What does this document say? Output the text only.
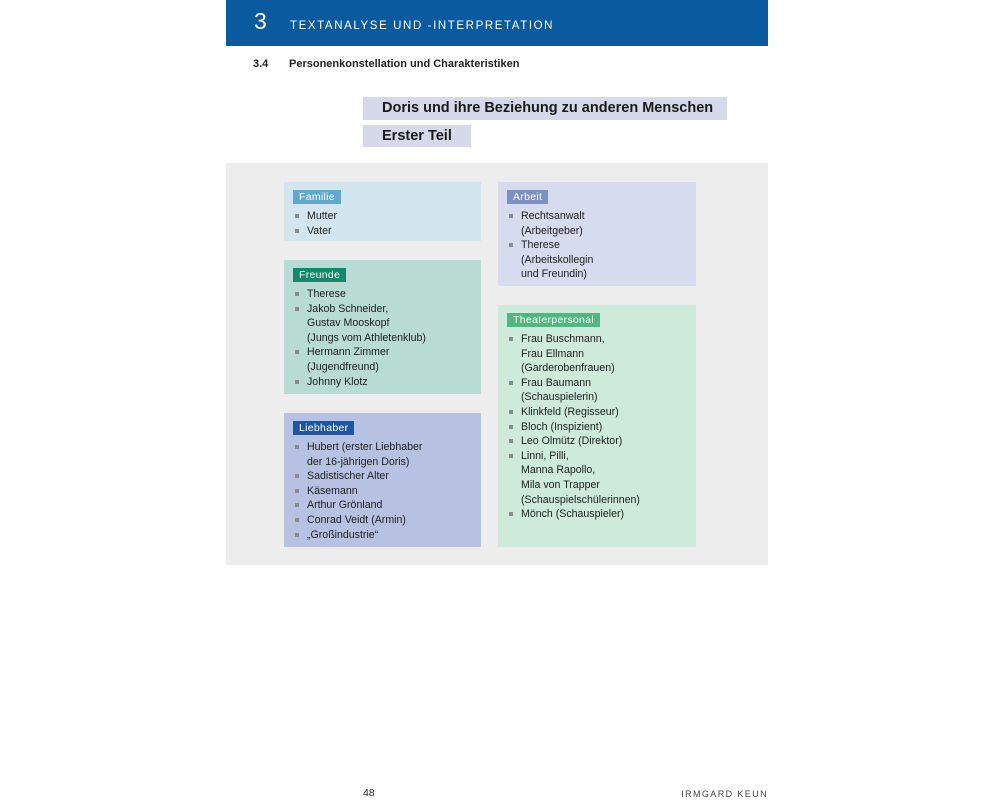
3 TEXTANALYSE UND -INTERPRETATION
3.4 Personenkonstellation und Charakteristiken
Doris und ihre Beziehung zu anderen Menschen
Erster Teil
Familie
Mutter
Vater
Freunde
Therese
Jakob Schneider,
Gustav Mooskopf
(Jungs vom Athletenklub)
Hermann Zimmer
(Jugendfreund)
Johnny Klotz
Liebhaber
Hubert (erster Liebhaber
der 16-jährigen Doris)
Sadistischer Alter
Käsemann
Arthur Grönland
Conrad Veidt (Armin)
„Großindustrie“
Arbeit
Rechtsanwalt
(Arbeitgeber)
Therese
(Arbeitskollegin
und Freundin)
Theaterpersonal
Frau Buschmann,
Frau Ellmann
(Garderobenfrauen)
Frau Baumann
(Schauspielerin)
Klinkfeld (Regisseur)
Bloch (Inspizient)
Leo Olmütz (Direktor)
Linni, Pilli,
Manna Rapollo,
Mila von Trapper
(Schauspielschülerinnen)
Mönch (Schauspieler)
48	IRMGARD KEUN
